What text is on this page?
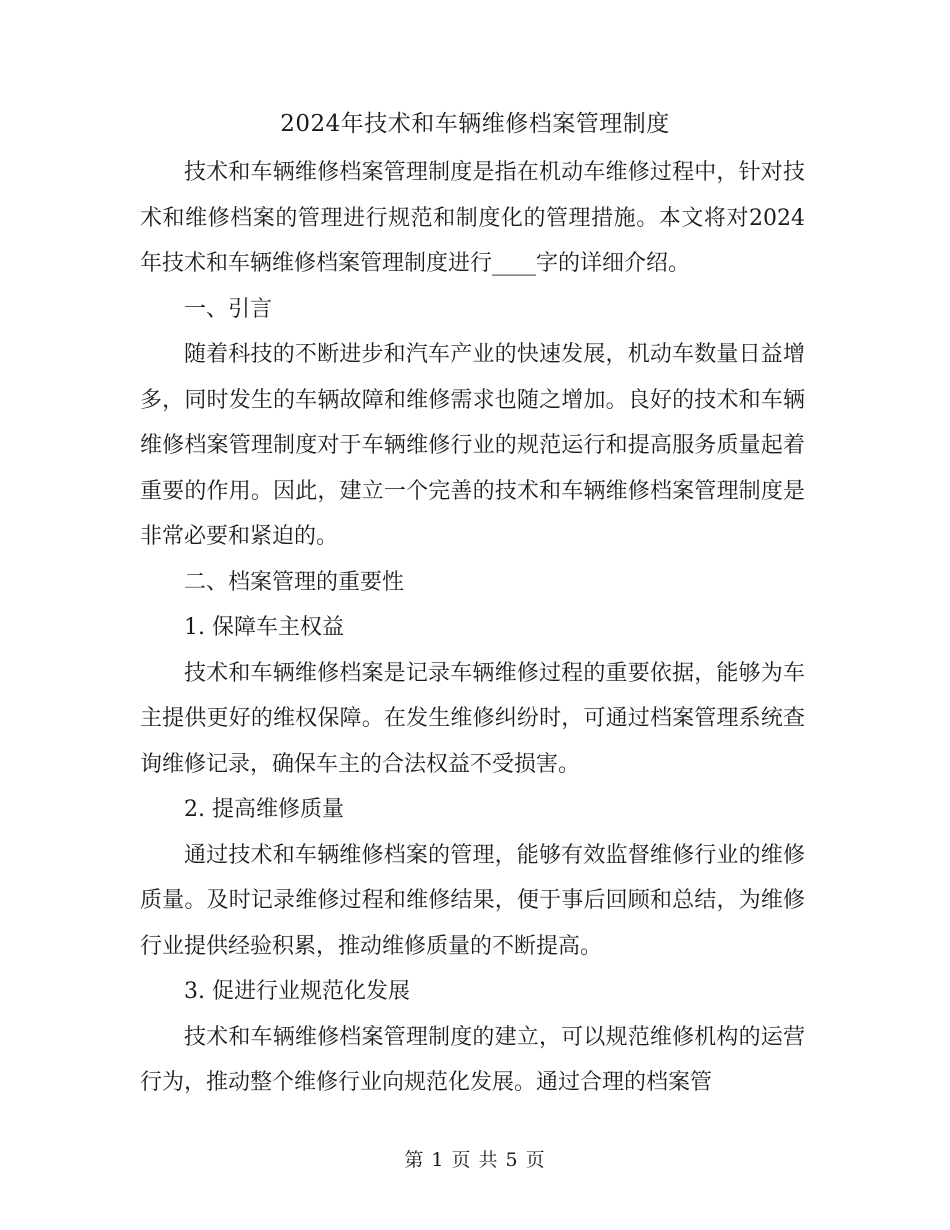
2024年技术和车辆维修档案管理制度

技术和车辆维修档案管理制度是指在机动车维修过程中，针对技术和维修档案的管理进行规范和制度化的管理措施。本文将对2024年技术和车辆维修档案管理制度进行____字的详细介绍。

一、引言

随着科技的不断进步和汽车产业的快速发展，机动车数量日益增多，同时发生的车辆故障和维修需求也随之增加。良好的技术和车辆维修档案管理制度对于车辆维修行业的规范运行和提高服务质量起着重要的作用。因此，建立一个完善的技术和车辆维修档案管理制度是非常必要和紧迫的。

二、档案管理的重要性

1. 保障车主权益

技术和车辆维修档案是记录车辆维修过程的重要依据，能够为车主提供更好的维权保障。在发生维修纠纷时，可通过档案管理系统查询维修记录，确保车主的合法权益不受损害。

2. 提高维修质量

通过技术和车辆维修档案的管理，能够有效监督维修行业的维修质量。及时记录维修过程和维修结果，便于事后回顾和总结，为维修行业提供经验积累，推动维修质量的不断提高。

3. 促进行业规范化发展

技术和车辆维修档案管理制度的建立，可以规范维修机构的运营行为，推动整个维修行业向规范化发展。通过合理的档案管

第 1 页 共 5 页
